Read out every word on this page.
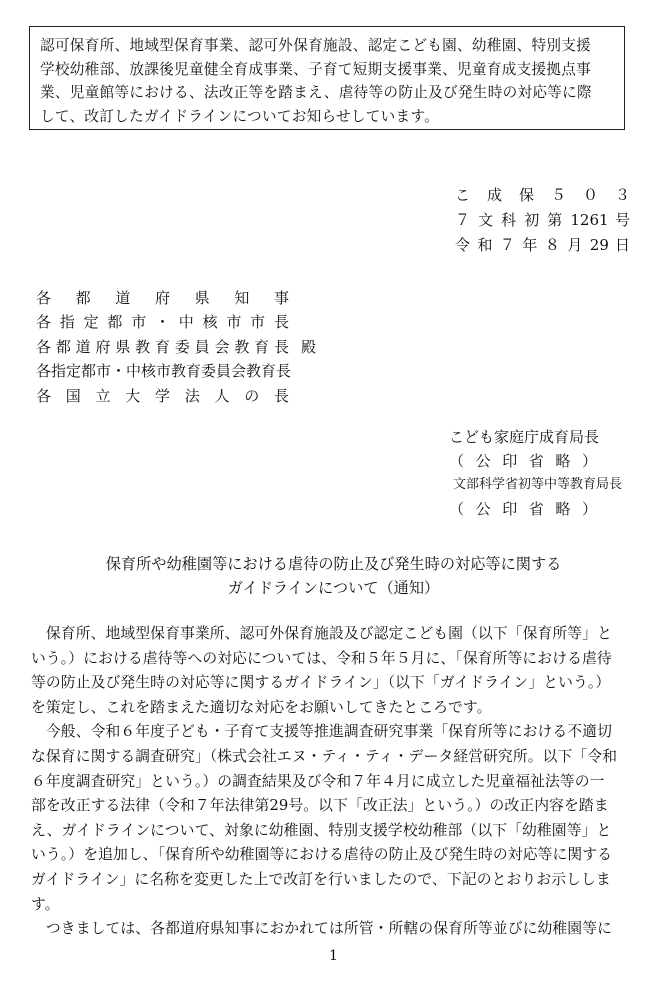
認可保育所、地域型保育事業、認可外保育施設、認定こども園、幼稚園、特別支援
学校幼稚部、放課後児童健全育成事業、子育て短期支援事業、児童育成支援拠点事
業、児童館等における、法改正等を踏まえ、虐待等の防止及び発生時の対応等に際
して、改訂したガイドラインについてお知らせしています。
こ 成 保 ５ ０ ３
７ 文 科 初 第 1261 号
令 和 ７ 年 ８ 月 29 日
各都道府県知事
各指定都市・中核市市長
各都道府県教育委員会教育長 殿
各指定都市・中核市教育委員会教育長
各国立大学法人の長
こども家庭庁成育局長
（公印省略）
文部科学省初等中等教育局長
（公印省略）
保育所や幼稚園等における虐待の防止及び発生時の対応等に関する
ガイドラインについて（通知）
　保育所、地域型保育事業所、認可外保育施設及び認定こども園（以下「保育所等」と
いう。）における虐待等への対応については、令和５年５月に、「保育所等における虐待
等の防止及び発生時の対応等に関するガイドライン」（以下「ガイドライン」という。）
を策定し、これを踏まえた適切な対応をお願いしてきたところです。
　今般、令和６年度子ども・子育て支援等推進調査研究事業「保育所等における不適切
な保育に関する調査研究」（株式会社エヌ・ティ・ティ・データ経営研究所。以下「令和
６年度調査研究」という。）の調査結果及び令和７年４月に成立した児童福祉法等の一
部を改正する法律（令和７年法律第29号。以下「改正法」という。）の改正内容を踏ま
え、ガイドラインについて、対象に幼稚園、特別支援学校幼稚部（以下「幼稚園等」と
いう。）を追加し、「保育所や幼稚園等における虐待の防止及び発生時の対応等に関する
ガイドライン」に名称を変更した上で改訂を行いましたので、下記のとおりお示ししま
す。
　つきましては、各都道府県知事におかれては所管・所轄の保育所等並びに幼稚園等に
1
